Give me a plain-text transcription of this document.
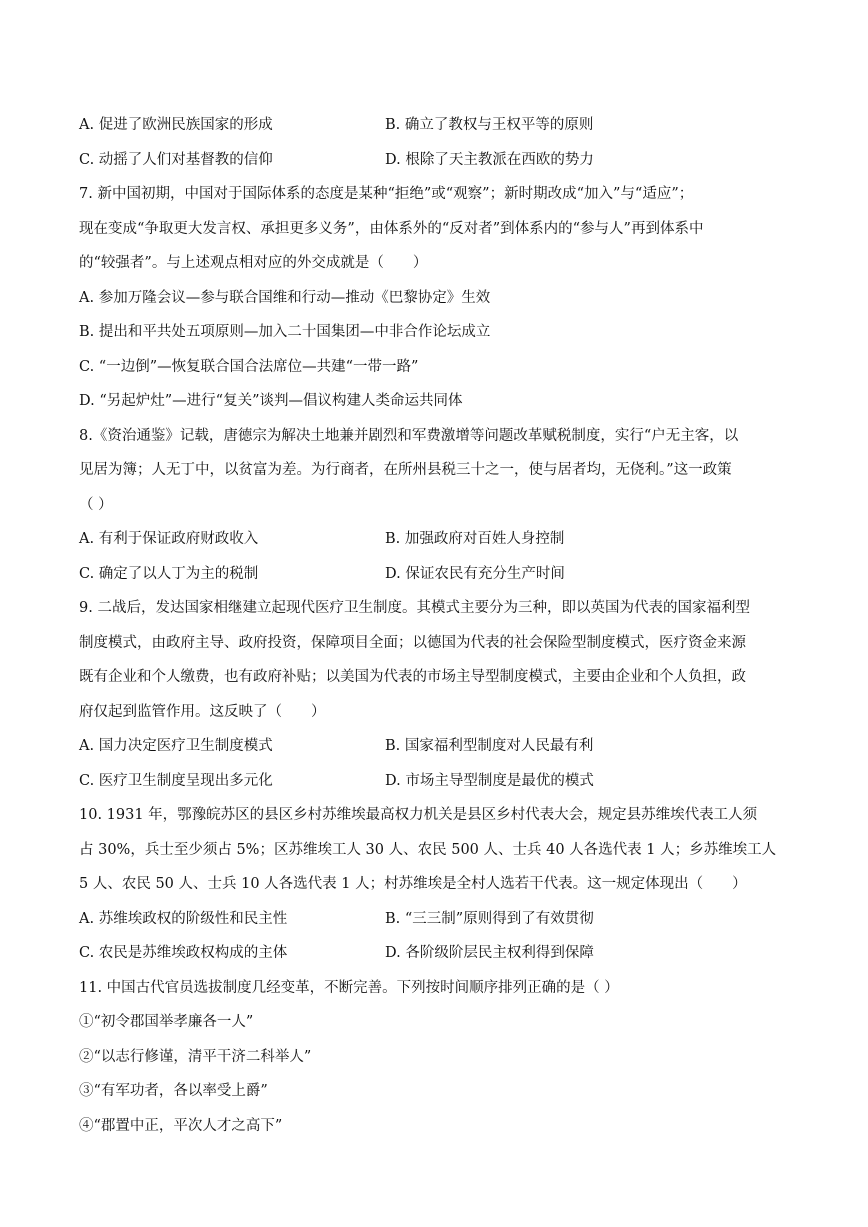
A. 促进了欧洲民族国家的形成	B. 确立了教权与王权平等的原则
C. 动摇了人们对基督教的信仰	D. 根除了天主教派在西欧的势力
7. 新中国初期，中国对于国际体系的态度是某种“拒绝”或“观察”；新时期改成“加入”与“适应”；
现在变成“争取更大发言权、承担更多义务”，由体系外的“反对者”到体系内的“参与人”再到体系中
的“较强者”。与上述观点相对应的外交成就是（　　）
A. 参加万隆会议—参与联合国维和行动—推动《巴黎协定》生效
B. 提出和平共处五项原则—加入二十国集团—中非合作论坛成立
C. “一边倒”—恢复联合国合法席位—共建“一带一路”
D. “另起炉灶”—进行“复关”谈判—倡议构建人类命运共同体
8.《资治通鉴》记载，唐德宗为解决土地兼并剧烈和军费激增等问题改革赋税制度，实行“户无主客，以
见居为簿；人无丁中，以贫富为差。为行商者，在所州县税三十之一，使与居者均，无侥利。”这一政策
（ ）
A. 有利于保证政府财政收入	B. 加强政府对百姓人身控制
C. 确定了以人丁为主的税制	D. 保证农民有充分生产时间
9. 二战后，发达国家相继建立起现代医疗卫生制度。其模式主要分为三种，即以英国为代表的国家福利型
制度模式，由政府主导、政府投资，保障项目全面；以德国为代表的社会保险型制度模式，医疗资金来源
既有企业和个人缴费，也有政府补贴；以美国为代表的市场主导型制度模式，主要由企业和个人负担，政
府仅起到监管作用。这反映了（　　）
A. 国力决定医疗卫生制度模式	B. 国家福利型制度对人民最有利
C. 医疗卫生制度呈现出多元化	D. 市场主导型制度是最优的模式
10. 1931 年，鄂豫皖苏区的县区乡村苏维埃最高权力机关是县区乡村代表大会，规定县苏维埃代表工人须
占 30%，兵士至少须占 5%；区苏维埃工人 30 人、农民 500 人、士兵 40 人各选代表 1 人；乡苏维埃工人
5 人、农民 50 人、士兵 10 人各选代表 1 人；村苏维埃是全村人选若干代表。这一规定体现出（　　）
A. 苏维埃政权的阶级性和民主性	B. “三三制”原则得到了有效贯彻
C. 农民是苏维埃政权构成的主体	D. 各阶级阶层民主权利得到保障
11. 中国古代官员选拔制度几经变革，不断完善。下列按时间顺序排列正确的是（ ）
①“初令郡国举孝廉各一人”
②“以志行修谨，清平干济二科举人”
③“有军功者，各以率受上爵”
④“郡置中正，平次人才之高下”
